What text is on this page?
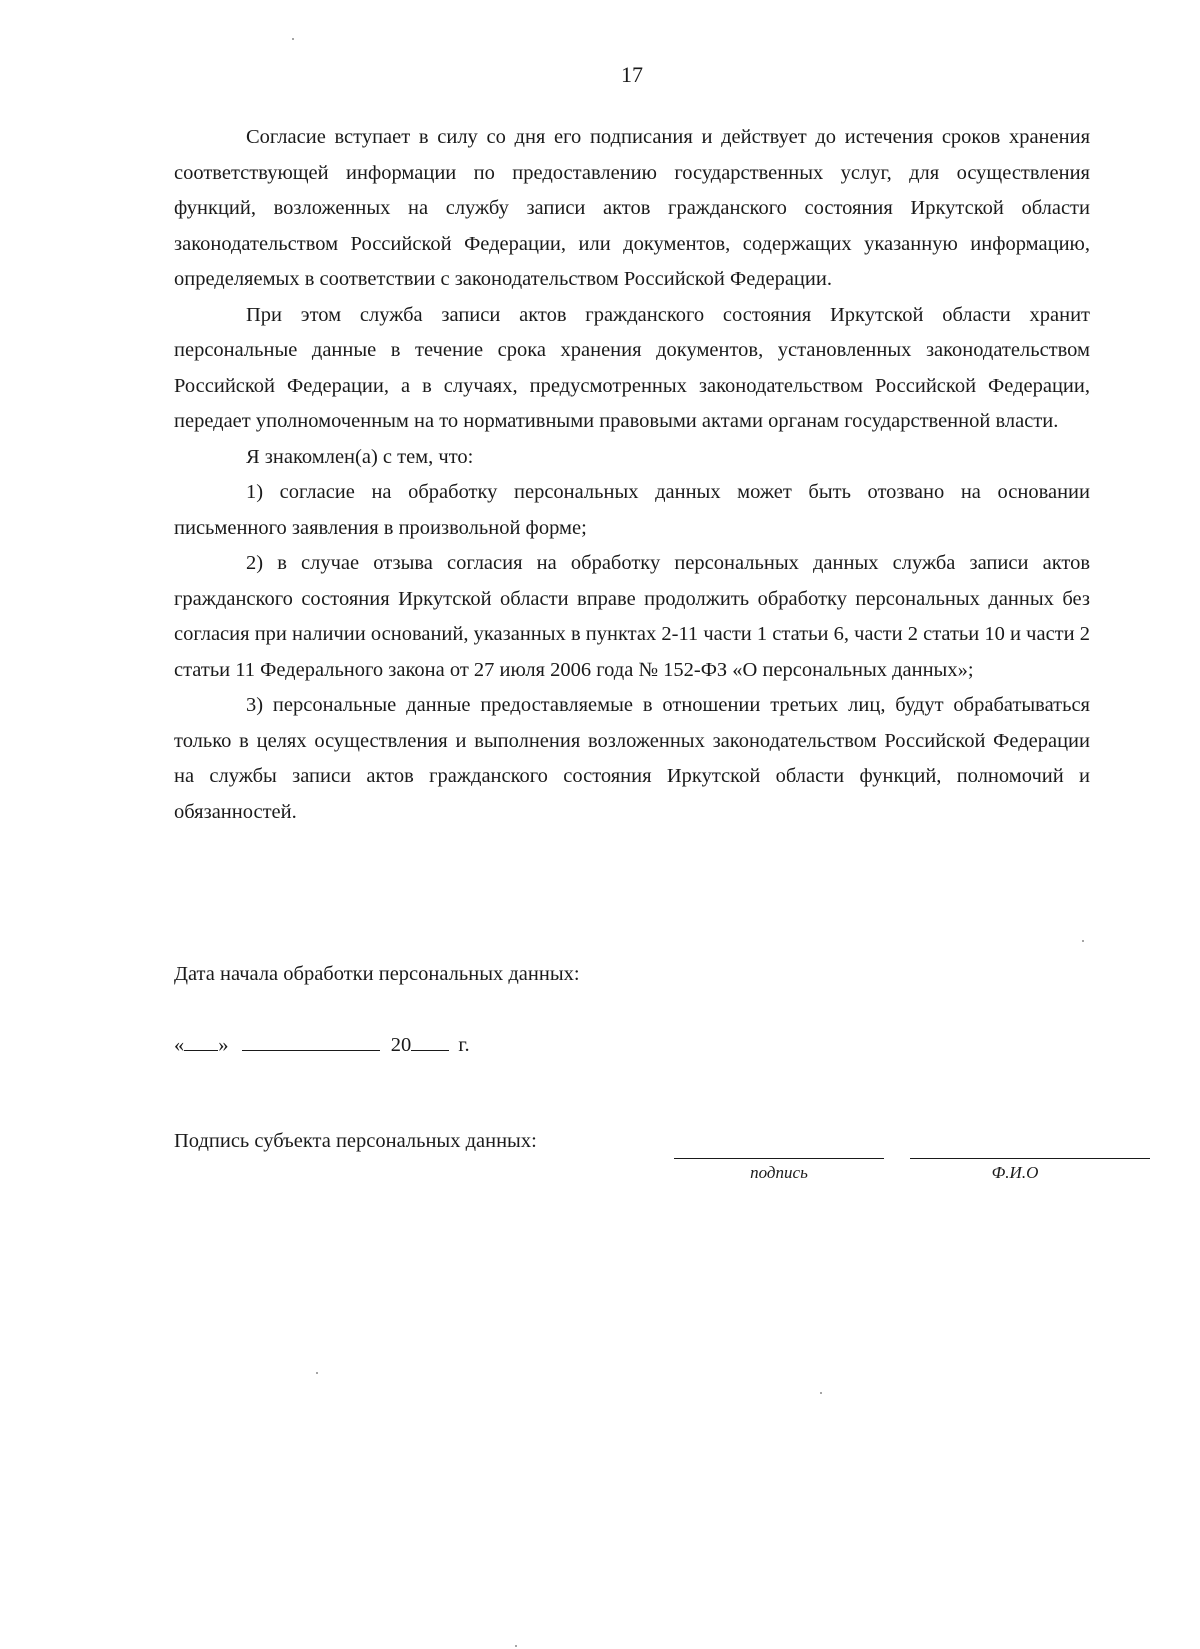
17

Согласие вступает в силу со дня его подписания и действует до истечения сроков хранения соответствующей информации по предоставлению государственных услуг, для осуществления функций, возложенных на службу записи актов гражданского состояния Иркутской области законодательством Российской Федерации, или документов, содержащих указанную информацию, определяемых в соответствии с законодательством Российской Федерации.

При этом служба записи актов гражданского состояния Иркутской области хранит персональные данные в течение срока хранения документов, установленных законодательством Российской Федерации, а в случаях, предусмотренных законодательством Российской Федерации, передает уполномоченным на то нормативными правовыми актами органам государственной власти.

Я знакомлен(а) с тем, что:

1) согласие на обработку персональных данных может быть отозвано на основании письменного заявления в произвольной форме;

2) в случае отзыва согласия на обработку персональных данных служба записи актов гражданского состояния Иркутской области вправе продолжить обработку персональных данных без согласия при наличии оснований, указанных в пунктах 2-11 части 1 статьи 6, части 2 статьи 10 и части 2 статьи 11 Федерального закона от 27 июля 2006 года № 152-ФЗ «О персональных данных»;

3) персональные данные предоставляемые в отношении третьих лиц, будут обрабатываться только в целях осуществления и выполнения возложенных законодательством Российской Федерации на службы записи актов гражданского состояния Иркутской области функций, полномочий и обязанностей.

Дата начала обработки персональных данных:
« »	20 г.
Подпись субъекта персональных данных:
подпись	Ф.И.О
